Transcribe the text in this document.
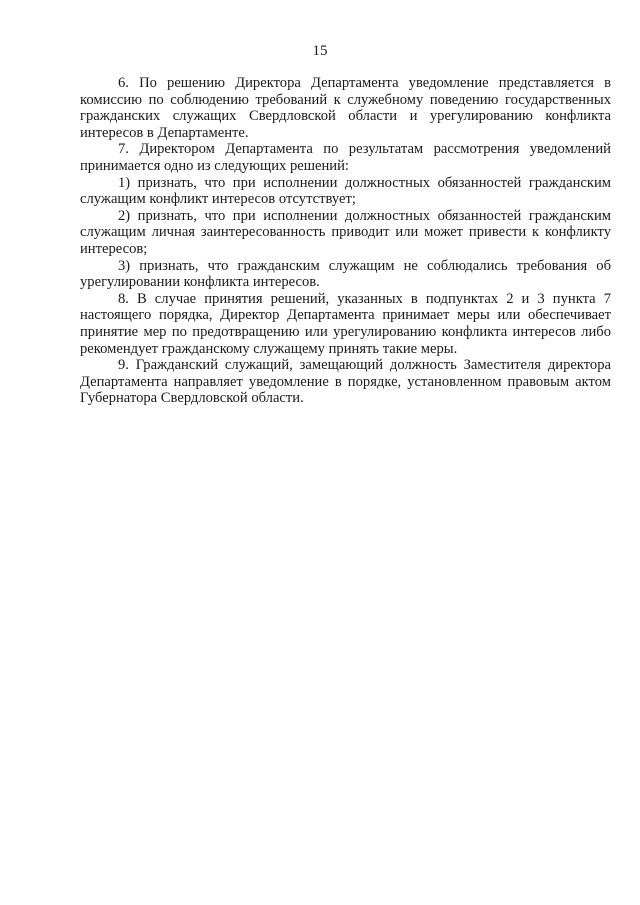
15

6. По решению Директора Департамента уведомление представляется в комиссию по соблюдению требований к служебному поведению государственных гражданских служащих Свердловской области и урегулированию конфликта интересов в Департаменте.

7. Директором Департамента по результатам рассмотрения уведомлений принимается одно из следующих решений:

1) признать, что при исполнении должностных обязанностей гражданским служащим конфликт интересов отсутствует;

2) признать, что при исполнении должностных обязанностей гражданским служащим личная заинтересованность приводит или может привести к конфликту интересов;

3) признать, что гражданским служащим не соблюдались требования об урегулировании конфликта интересов.

8. В случае принятия решений, указанных в подпунктах 2 и 3 пункта 7 настоящего порядка, Директор Департамента принимает меры или обеспечивает принятие мер по предотвращению или урегулированию конфликта интересов либо рекомендует гражданскому служащему принять такие меры.

9. Гражданский служащий, замещающий должность Заместителя директора Департамента направляет уведомление в порядке, установленном правовым актом Губернатора Свердловской области.
